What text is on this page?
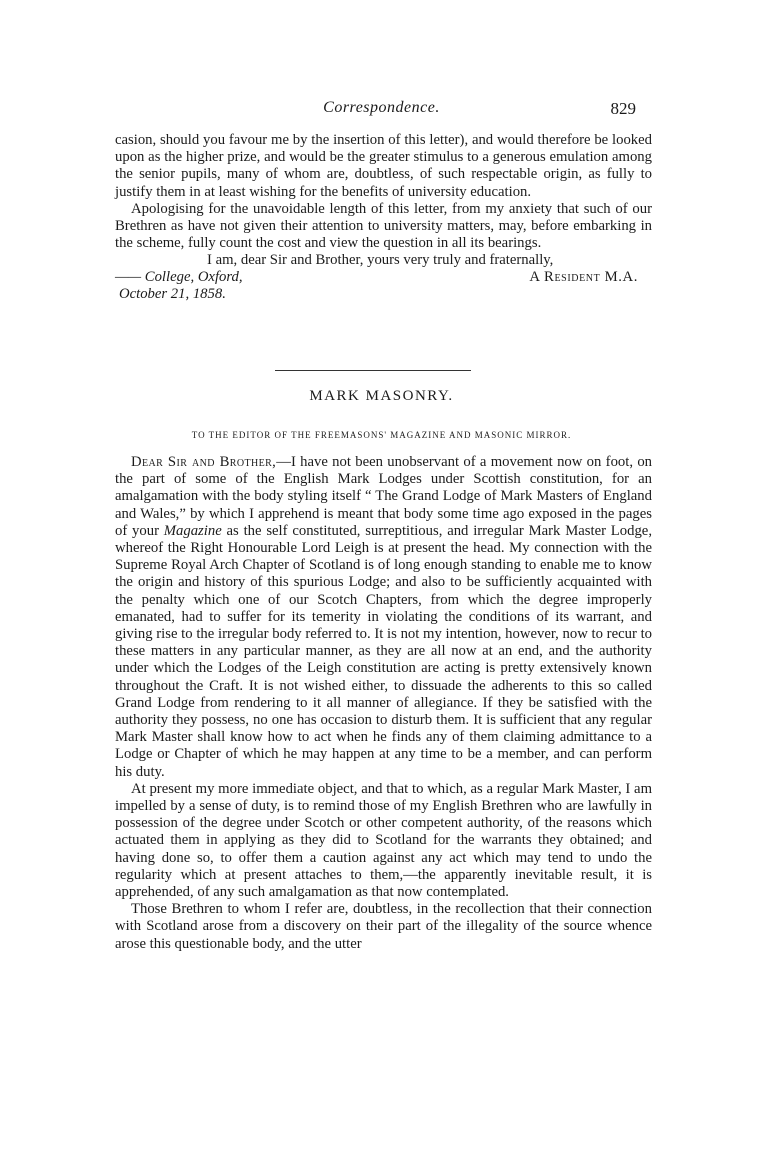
Correspondence.	829

casion, should you favour me by the insertion of this letter), and would therefore be looked upon as the higher prize, and would be the greater stimulus to a generous emulation among the senior pupils, many of whom are, doubtless, of such respectable origin, as fully to justify them in at least wishing for the benefits of university education.

Apologising for the unavoidable length of this letter, from my anxiety that such of our Brethren as have not given their attention to university matters, may, before embarking in the scheme, fully count the cost and view the question in all its bearings.

I am, dear Sir and Brother, yours very truly and fraternally,
—— College, Oxford,	A Resident M.A.
October 21, 1858.
MARK MASONRY.
TO THE EDITOR OF THE FREEMASONS' MAGAZINE AND MASONIC MIRROR.

Dear Sir and Brother,—I have not been unobservant of a movement now on foot, on the part of some of the English Mark Lodges under Scottish constitution, for an amalgamation with the body styling itself “ The Grand Lodge of Mark Masters of England and Wales,” by which I apprehend is meant that body some time ago exposed in the pages of your Magazine as the self constituted, surreptitious, and irregular Mark Master Lodge, whereof the Right Honourable Lord Leigh is at present the head. My connection with the Supreme Royal Arch Chapter of Scotland is of long enough standing to enable me to know the origin and history of this spurious Lodge; and also to be sufficiently acquainted with the penalty which one of our Scotch Chapters, from which the degree improperly emanated, had to suffer for its temerity in violating the conditions of its warrant, and giving rise to the irregular body referred to. It is not my intention, however, now to recur to these matters in any particular manner, as they are all now at an end, and the authority under which the Lodges of the Leigh constitution are acting is pretty extensively known throughout the Craft. It is not wished either, to dissuade the adherents to this so called Grand Lodge from rendering to it all manner of allegiance. If they be satisfied with the authority they possess, no one has occasion to disturb them. It is sufficient that any regular Mark Master shall know how to act when he finds any of them claiming admittance to a Lodge or Chapter of which he may happen at any time to be a member, and can perform his duty.

At present my more immediate object, and that to which, as a regular Mark Master, I am impelled by a sense of duty, is to remind those of my English Brethren who are lawfully in possession of the degree under Scotch or other competent authority, of the reasons which actuated them in applying as they did to Scotland for the warrants they obtained; and having done so, to offer them a caution against any act which may tend to undo the regularity which at present attaches to them,—the apparently inevitable result, it is apprehended, of any such amalgamation as that now contemplated.

Those Brethren to whom I refer are, doubtless, in the recollection that their connection with Scotland arose from a discovery on their part of the illegality of the source whence arose this questionable body, and the utter
